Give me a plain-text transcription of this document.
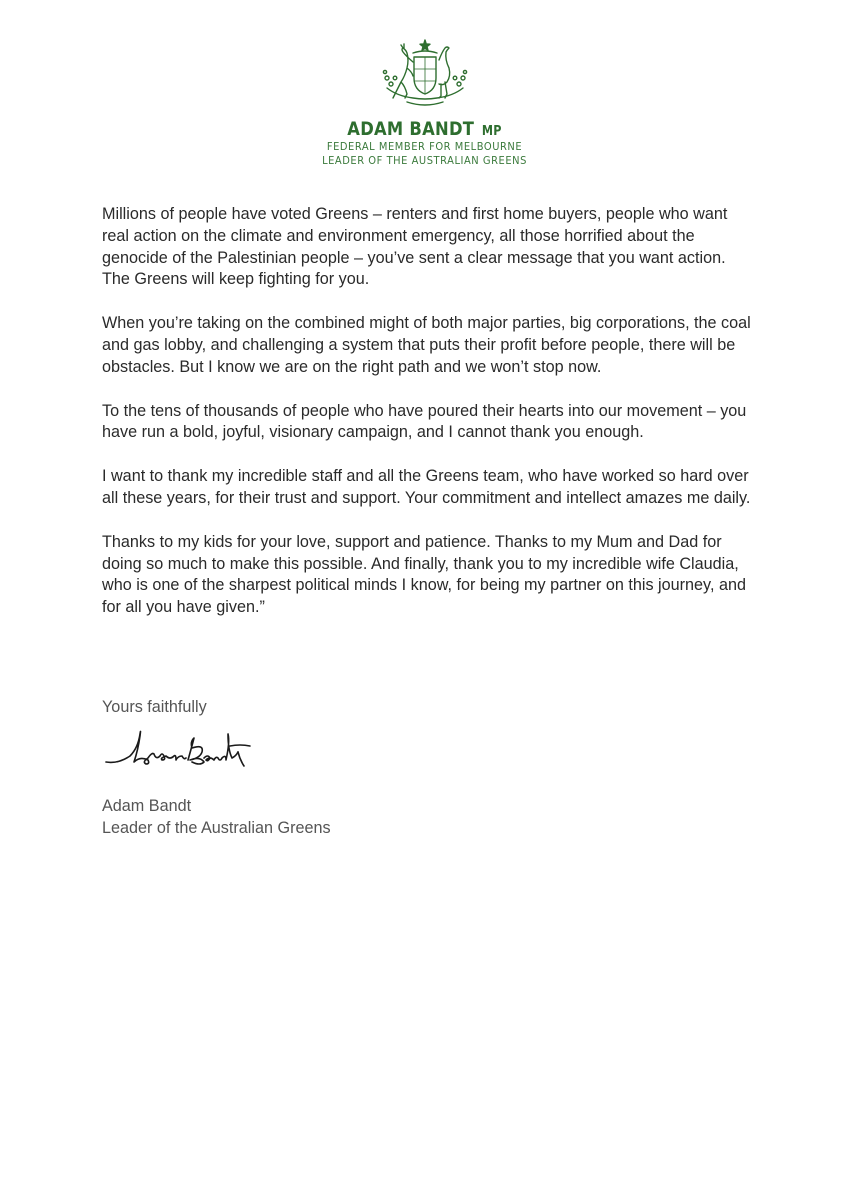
ADAM BANDT MP
FEDERAL MEMBER FOR MELBOURNE
LEADER OF THE AUSTRALIAN GREENS

Millions of people have voted Greens – renters and first home buyers, people who want real action on the climate and environment emergency, all those horrified about the genocide of the Palestinian people – you’ve sent a clear message that you want action. The Greens will keep fighting for you.

When you’re taking on the combined might of both major parties, big corporations, the coal and gas lobby, and challenging a system that puts their profit before people, there will be obstacles. But I know we are on the right path and we won’t stop now.

To the tens of thousands of people who have poured their hearts into our movement – you have run a bold, joyful, visionary campaign, and I cannot thank you enough.

I want to thank my incredible staff and all the Greens team, who have worked so hard over all these years, for their trust and support. Your commitment and intellect amazes me daily.

Thanks to my kids for your love, support and patience. Thanks to my Mum and Dad for doing so much to make this possible. And finally, thank you to my incredible wife Claudia, who is one of the sharpest political minds I know, for being my partner on this journey, and for all you have given.”

Yours faithfully
Adam Bandt
Leader of the Australian Greens
